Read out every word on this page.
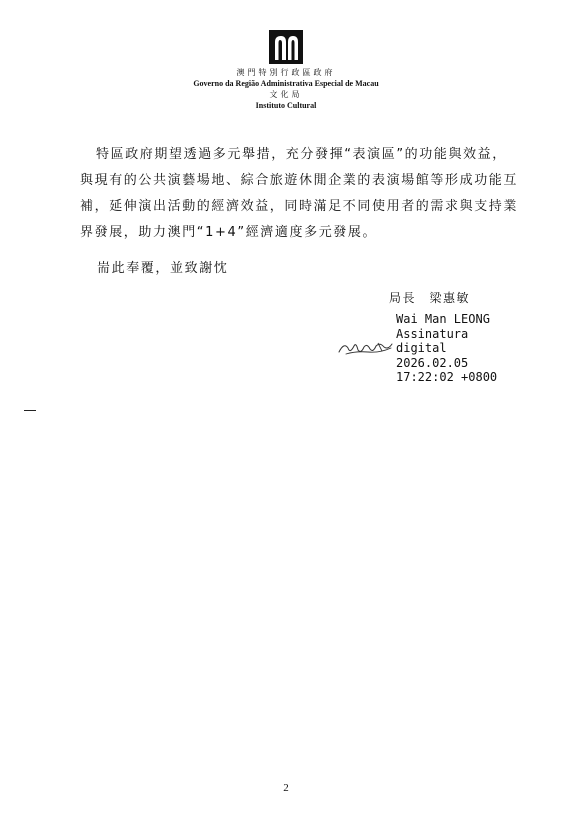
澳門特別行政區政府
Governo da Região Administrativa Especial de Macau
文化局
Instituto Cultural
特區政府期望透過多元舉措，充分發揮“表演區”的功能與效益，
與現有的公共演藝場地、綜合旅遊休閒企業的表演場館等形成功能互
補，延伸演出活動的經濟效益，同時滿足不同使用者的需求與支持業
界發展，助力澳門“1+4”經濟適度多元發展。
耑此奉覆，並致謝忱
局長　梁惠敏
Wai Man LEONG
Assinatura
digital
2026.02.05
17:22:02 +0800
2
